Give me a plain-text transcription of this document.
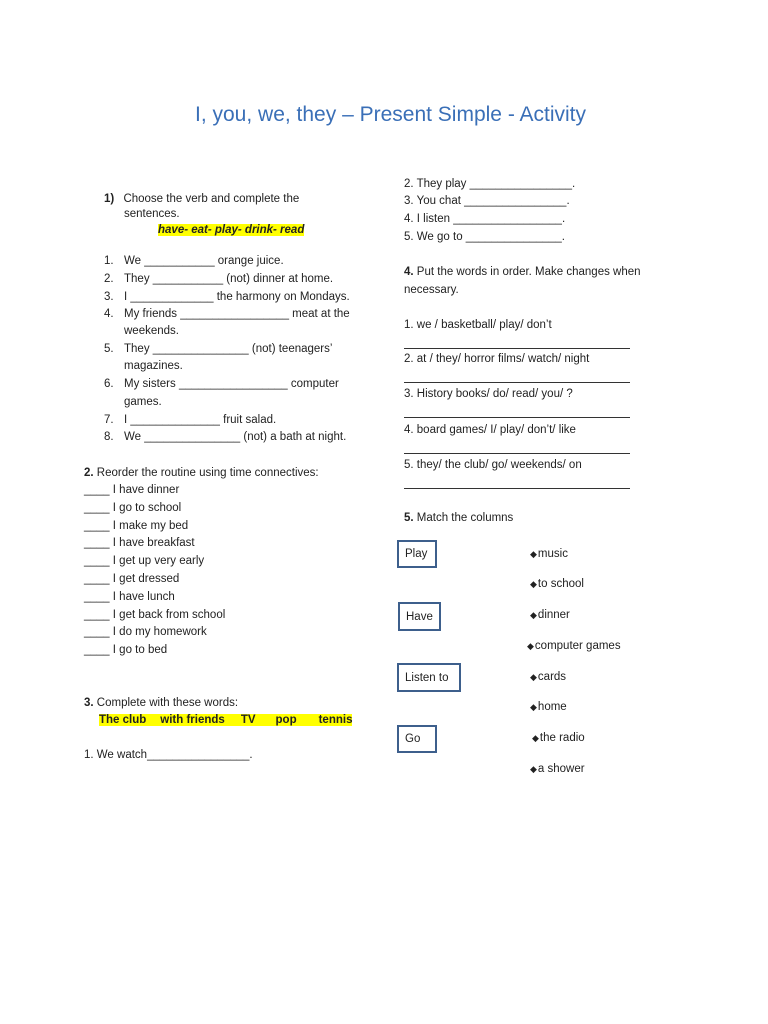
I, you, we, they – Present Simple - Activity
1) Choose the verb and complete the
sentences.
have- eat- play- drink- read
1. We ___________ orange juice.
2. They ___________ (not) dinner at home.
3. I _____________ the harmony on Mondays.
4. My friends _________________ meat at the
weekends.
5. They _______________ (not) teenagers’
magazines.
6. My sisters _________________ computer
games.
7. I ______________ fruit salad.
8. We _______________ (not) a bath at night.
2. Reorder the routine using time connectives:
____ I have dinner
____ I go to school
____ I make my bed
____ I have breakfast
____ I get up very early
____ I get dressed
____ I have lunch
____ I get back from school
____ I do my homework
____ I go to bed
3. Complete with these words:
The club with friends TV pop tennis
1. We watch________________.
2. They play ________________.
3. You chat ________________.
4. I listen _________________.
5. We go to _______________.
4. Put the words in order. Make changes when
necessary.
1. we / basketball/ play/ don’t
2. at / they/ horror films/ watch/ night
3. History books/ do/ read/ you/ ?
4. board games/ I/ play/ don’t/ like
5. they/ the club/ go/ weekends/ on
5. Match the columns
Play
Have
Listen to
Go
◆music
◆to school
◆dinner
◆computer games
◆cards
◆home
◆the radio
◆a shower
